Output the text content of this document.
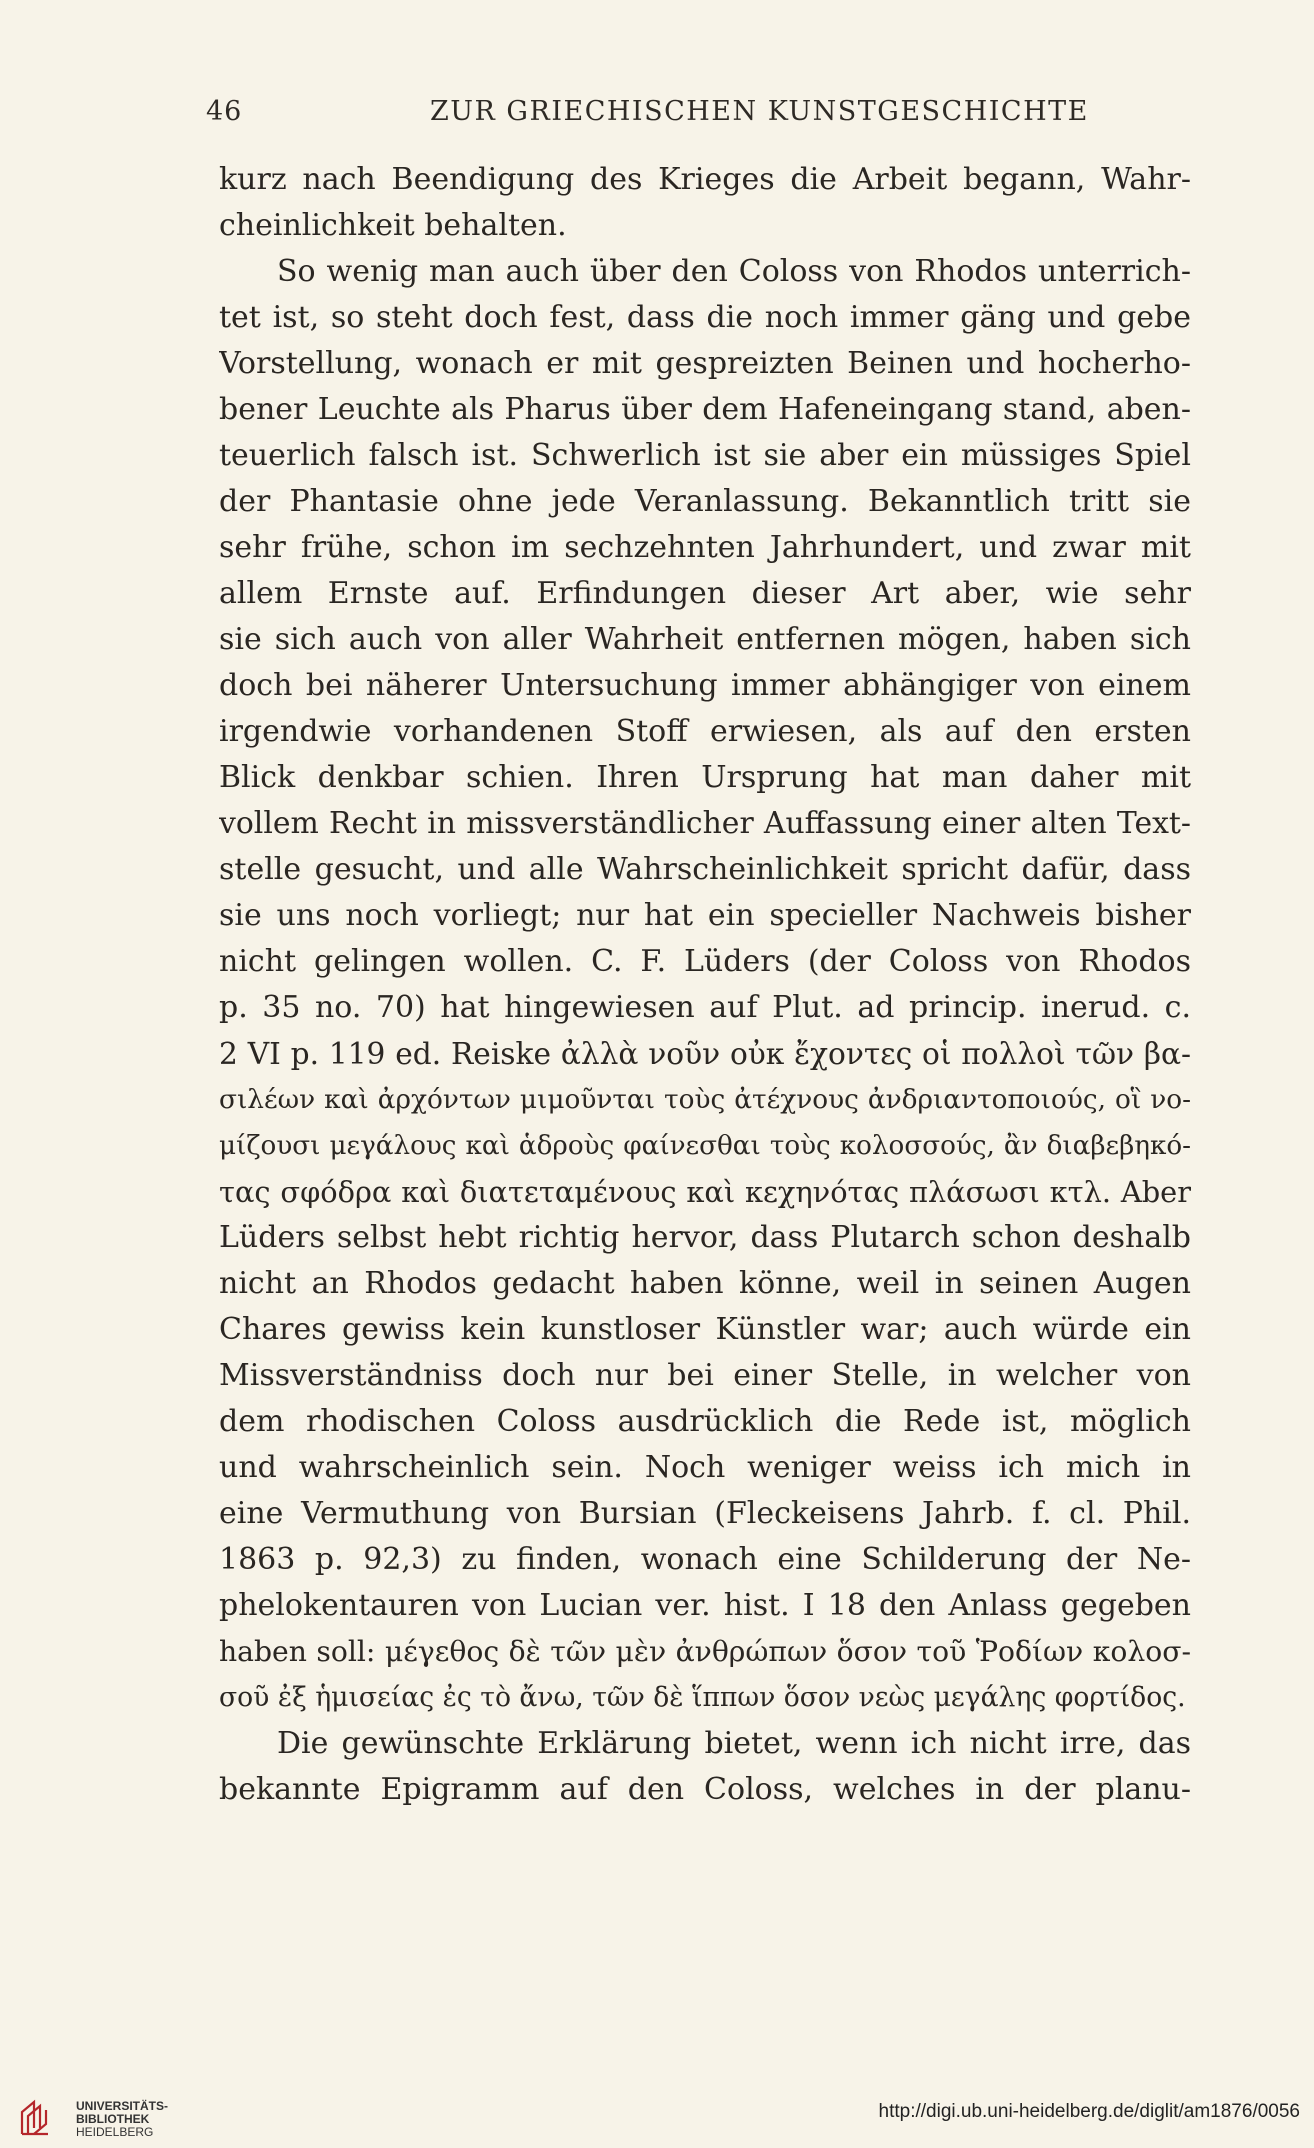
46	ZUR GRIECHISCHEN KUNSTGESCHICHTE
kurz nach Beendigung des Krieges die Arbeit begann, Wahr-
cheinlichkeit behalten.
So wenig man auch über den Coloss von Rhodos unterrich-
tet ist, so steht doch fest, dass die noch immer gäng und gebe
Vorstellung, wonach er mit gespreizten Beinen und hocherho-
bener Leuchte als Pharus über dem Hafeneingang stand, aben-
teuerlich falsch ist. Schwerlich ist sie aber ein müssiges Spiel
der Phantasie ohne jede Veranlassung. Bekanntlich tritt sie
sehr frühe, schon im sechzehnten Jahrhundert, und zwar mit
allem Ernste auf. Erfindungen dieser Art aber, wie sehr
sie sich auch von aller Wahrheit entfernen mögen, haben sich
doch bei näherer Untersuchung immer abhängiger von einem
irgendwie vorhandenen Stoff erwiesen, als auf den ersten
Blick denkbar schien. Ihren Ursprung hat man daher mit
vollem Recht in missverständlicher Auffassung einer alten Text-
stelle gesucht, und alle Wahrscheinlichkeit spricht dafür, dass
sie uns noch vorliegt; nur hat ein specieller Nachweis bisher
nicht gelingen wollen. C. F. Lüders (der Coloss von Rhodos
p. 35 no. 70) hat hingewiesen auf Plut. ad princip. inerud. c.
2 VI p. 119 ed. Reiske ἀλλὰ νοῦν οὐκ ἔχοντες οἱ πολλοὶ τῶν βα-
σιλέων καὶ ἀρχόντων μιμοῦνται τοὺς ἀτέχνους ἀνδριαντοποιούς, οἳ νο-
μίζουσι μεγάλους καὶ ἁδροὺς φαίνεσθαι τοὺς κολοσσούς, ἂν διαβεβηκό-
τας σφόδρα καὶ διατεταμένους καὶ κεχηνότας πλάσωσι κτλ. Aber
Lüders selbst hebt richtig hervor, dass Plutarch schon deshalb
nicht an Rhodos gedacht haben könne, weil in seinen Augen
Chares gewiss kein kunstloser Künstler war; auch würde ein
Missverständniss doch nur bei einer Stelle, in welcher von
dem rhodischen Coloss ausdrücklich die Rede ist, möglich
und wahrscheinlich sein. Noch weniger weiss ich mich in
eine Vermuthung von Bursian (Fleckeisens Jahrb. f. cl. Phil.
1863 p. 92,3) zu finden, wonach eine Schilderung der Ne-
phelokentauren von Lucian ver. hist. I 18 den Anlass gegeben
haben soll: μέγεθος δὲ τῶν μὲν ἀνθρώπων ὅσον τοῦ Ῥοδίων κολοσ-
σοῦ ἐξ ἡμισείας ἐς τὸ ἄνω, τῶν δὲ ἵππων ὅσον νεὼς μεγάλης φορτίδος.
Die gewünschte Erklärung bietet, wenn ich nicht irre, das
bekannte Epigramm auf den Coloss, welches in der planu-
UNIVERSITÄTS-
BIBLIOTHEK
HEIDELBERG
http://digi.ub.uni-heidelberg.de/diglit/am1876/0056
